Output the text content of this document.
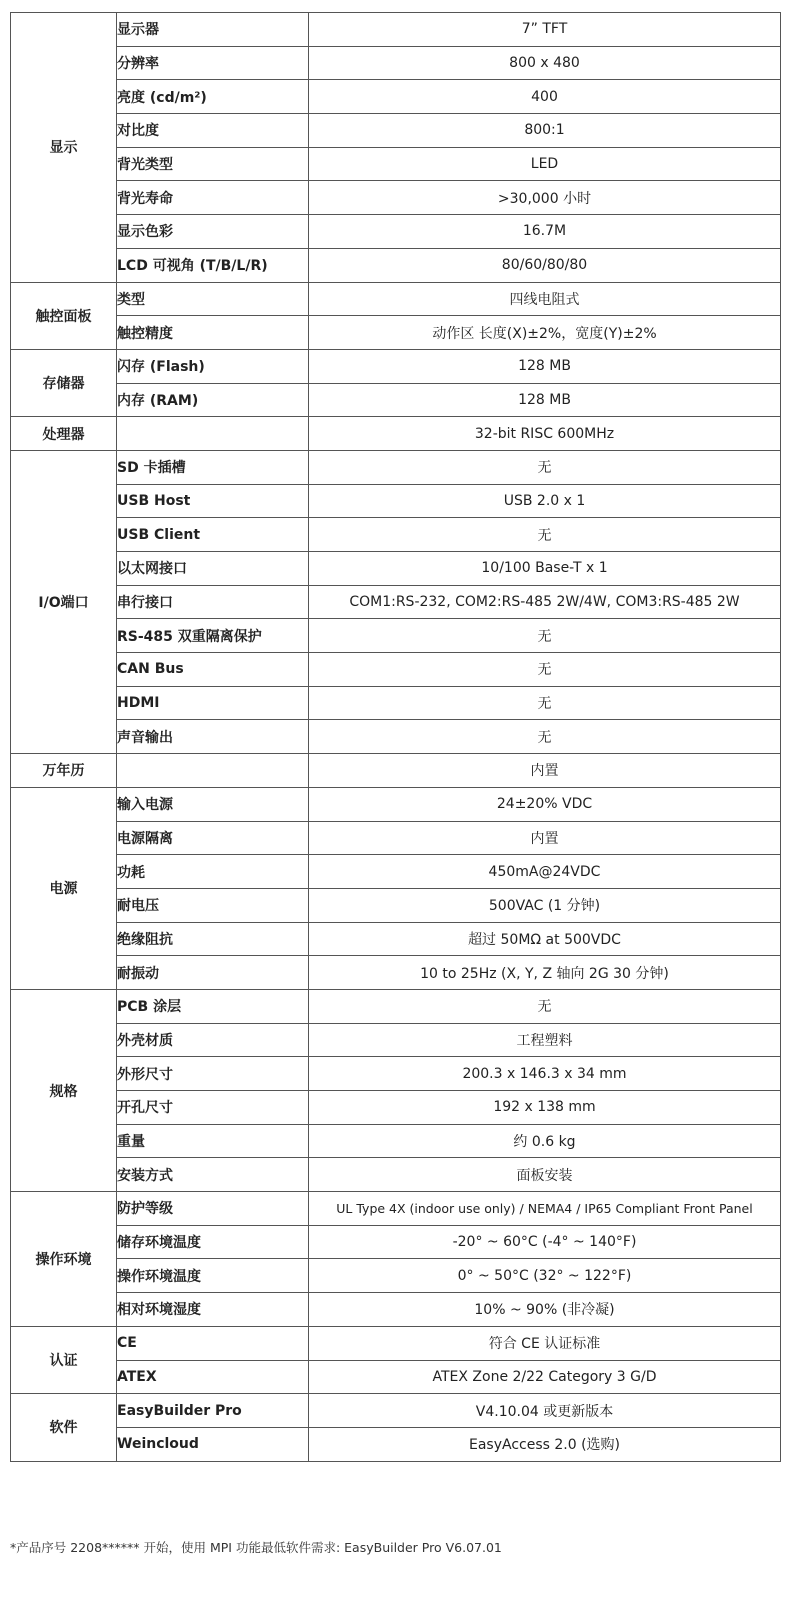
显示	显示器	7” TFT
	分辨率	800 x 480
	亮度 (cd/m²)	400
	对比度	800:1
	背光类型	LED
	背光寿命	>30,000 小时
	显示色彩	16.7M
	LCD 可视角 (T/B/L/R)	80/60/80/80
触控面板	类型	四线电阻式
	触控精度	动作区 长度(X)±2%，宽度(Y)±2%
存储器	闪存 (Flash)	128 MB
	内存 (RAM)	128 MB
处理器		32-bit RISC 600MHz
I/O端口	SD 卡插槽	无
	USB Host	USB 2.0 x 1
	USB Client	无
	以太网接口	10/100 Base-T x 1
	串行接口	COM1:RS-232, COM2:RS-485 2W/4W, COM3:RS-485 2W
	RS-485 双重隔离保护	无
	CAN Bus	无
	HDMI	无
	声音输出	无
万年历		内置
电源	输入电源	24±20% VDC
	电源隔离	内置
	功耗	450mA@24VDC
	耐电压	500VAC (1 分钟)
	绝缘阻抗	超过 50MΩ at 500VDC
	耐振动	10 to 25Hz (X, Y, Z 轴向 2G 30 分钟)
规格	PCB 涂层	无
	外壳材质	工程塑料
	外形尺寸	200.3 x 146.3 x 34 mm
	开孔尺寸	192 x 138 mm
	重量	约 0.6 kg
	安装方式	面板安装
操作环境	防护等级	UL Type 4X (indoor use only) / NEMA4 / IP65 Compliant Front Panel
	储存环境温度	-20° ~ 60°C (-4° ~ 140°F)
	操作环境温度	0° ~ 50°C (32° ~ 122°F)
	相对环境湿度	10% ~ 90% (非冷凝)
认证	CE	符合 CE 认证标准
	ATEX	ATEX Zone 2/22 Category 3 G/D
软件	EasyBuilder Pro	V4.10.04 或更新版本
	Weincloud	EasyAccess 2.0 (选购)
*产品序号 2208****** 开始，使用 MPI 功能最低软件需求: EasyBuilder Pro V6.07.01
